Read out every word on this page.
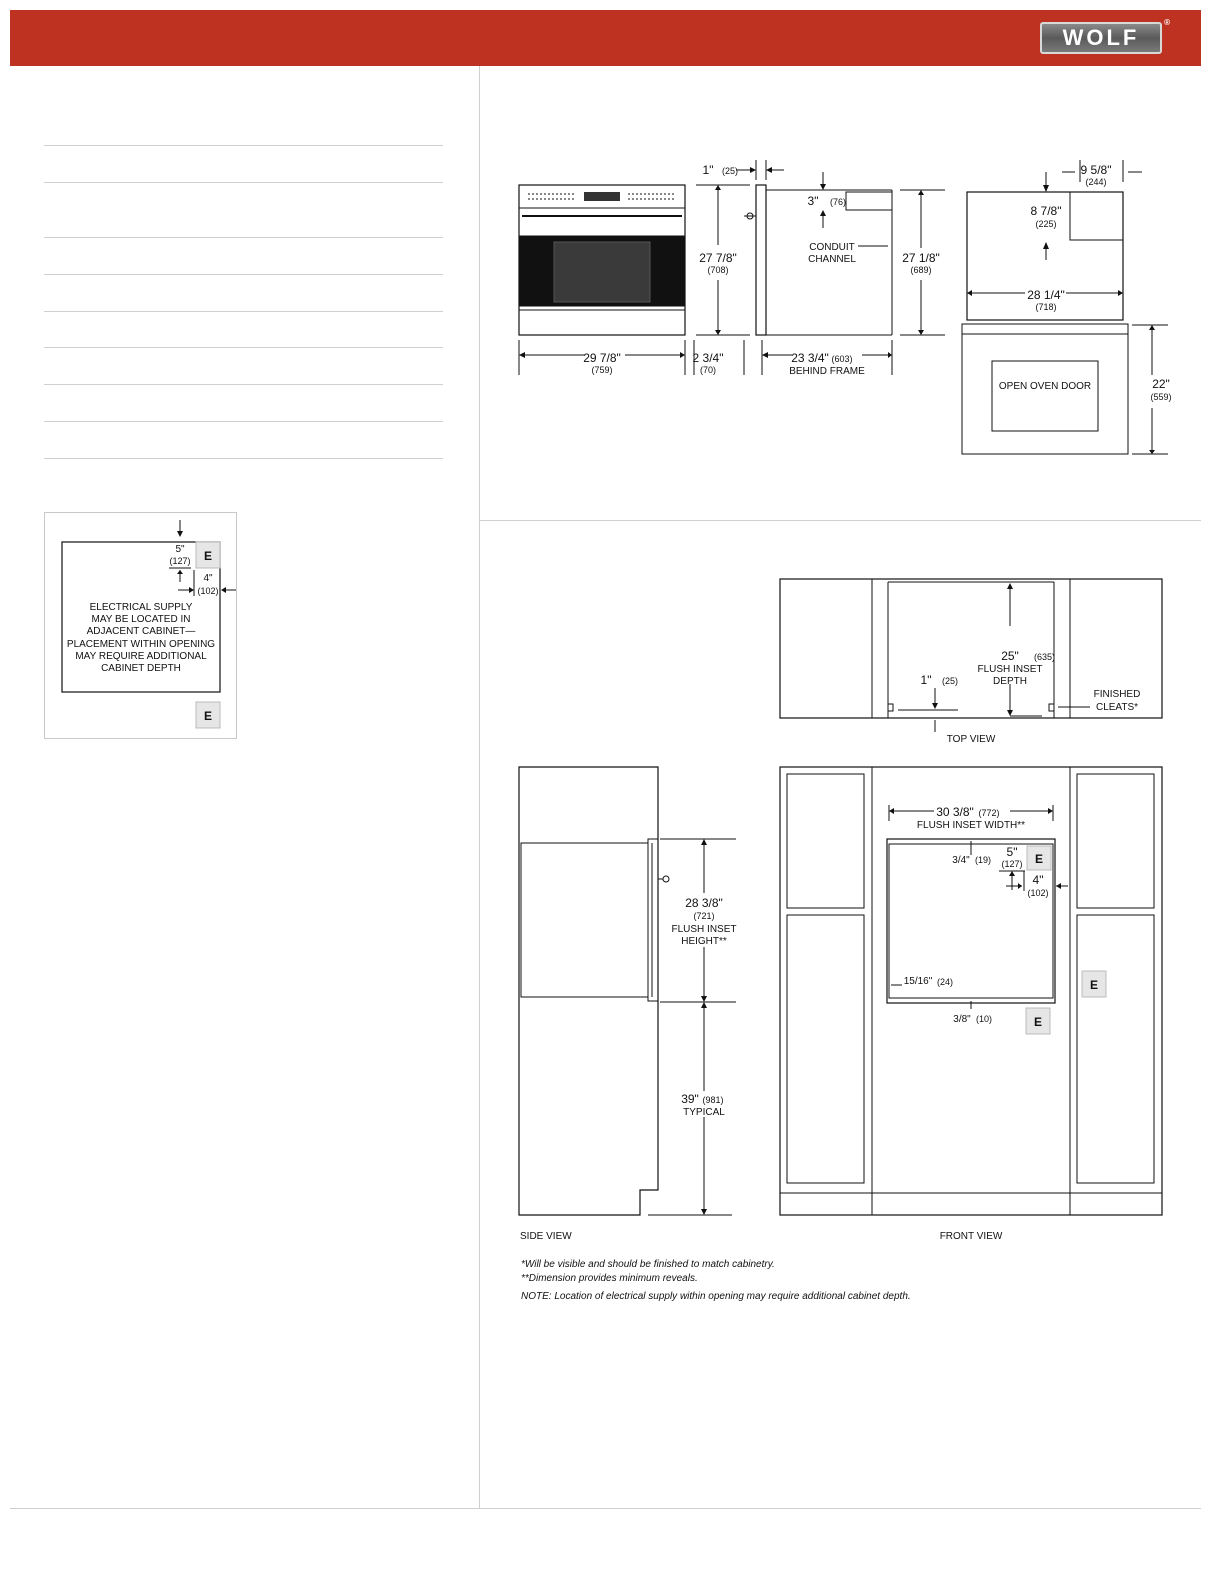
WOLF
®
E
5"
(127)
4"
(102)
ELECTRICAL SUPPLY
MAY BE LOCATED IN
ADJACENT CABINET—
PLACEMENT WITHIN OPENING
MAY REQUIRE ADDITIONAL
CABINET DEPTH
E
29 7/8"
(759)
27 7/8"
(708)
1" (25)
2 3/4"
(70)
3" (76)
CONDUIT
CHANNEL	27 1/8"
(689)
23 3/4" (603)
BEHIND FRAME
9 5/8"
(244)
8 7/8"
(225)
28 1/4"
(718)
OPEN OVEN DOOR	22"
(559)
25" (635)
FLUSH INSET
DEPTH
1" (25)
FINISHED
CLEATS*
TOP VIEW
28 3/8"
(721)
FLUSH INSET
HEIGHT**
39" (981)
TYPICAL
SIDE VIEW
E
E
E
30 3/8" (772)
FLUSH INSET WIDTH**
3/4" (19)
5"
(127)
4"
(102)
15/16" (24)
3/8" (10)
FRONT VIEW
*Will be visible and should be finished to match cabinetry.
**Dimension provides minimum reveals.
NOTE: Location of electrical supply within opening may require additional cabinet depth.
